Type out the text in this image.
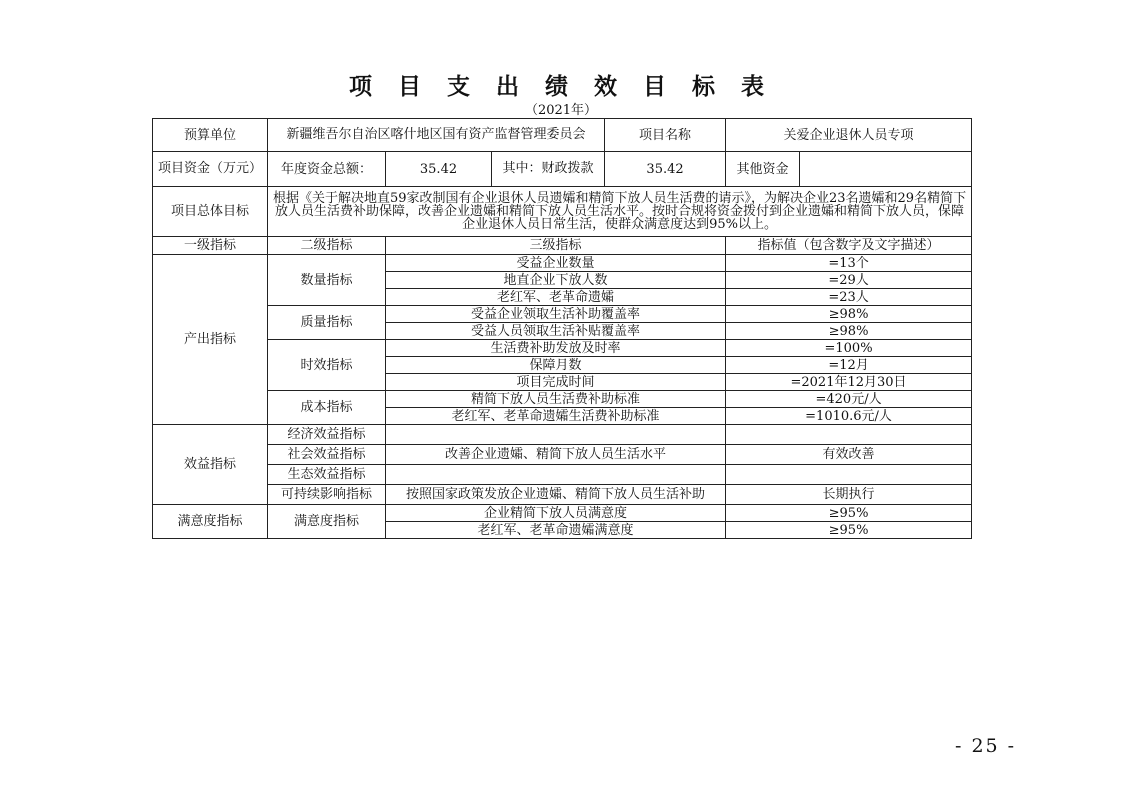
项 目 支 出 绩 效 目 标 表
（2021年）
预算单位	新疆维吾尔自治区喀什地区国有资产监督管理委员会			项目名称	关爱企业退休人员专项	
项目资金（万元）	年度资金总额：	35.42	其中：财政拨款	35.42	其他资金	
项目总体目标	根据《关于解决地直59家改制国有企业退休人员遗孀和精简下放人员生活费的请示》，为解决企业23名遗孀和29名精简下放人员生活费补助保障，改善企业遗孀和精简下放人员生活水平。按时合规将资金拨付到企业遗孀和精简下放人员，保障企业退休人员日常生活，使群众满意度达到95%以上。					
一级指标	二级指标	三级指标			指标值（包含数字及文字描述）	
产出指标	数量指标	受益企业数量			=13个	
		地直企业下放人数			=29人	
		老红军、老革命遗孀			=23人	
	质量指标	受益企业领取生活补助覆盖率			≥98%	
		受益人员领取生活补贴覆盖率			≥98%	
	时效指标	生活费补助发放及时率			=100%	
		保障月数			=12月	
		项目完成时间			=2021年12月30日	
	成本指标	精简下放人员生活费补助标准			=420元/人	
		老红军、老革命遗孀生活费补助标准			=1010.6元/人	
效益指标	经济效益指标					
	社会效益指标	改善企业遗孀、精简下放人员生活水平			有效改善	
	生态效益指标					
	可持续影响指标	按照国家政策发放企业遗孀、精简下放人员生活补助			长期执行	
满意度指标	满意度指标	企业精简下放人员满意度			≥95%	
		老红军、老革命遗孀满意度			≥95%	
- 25 -
